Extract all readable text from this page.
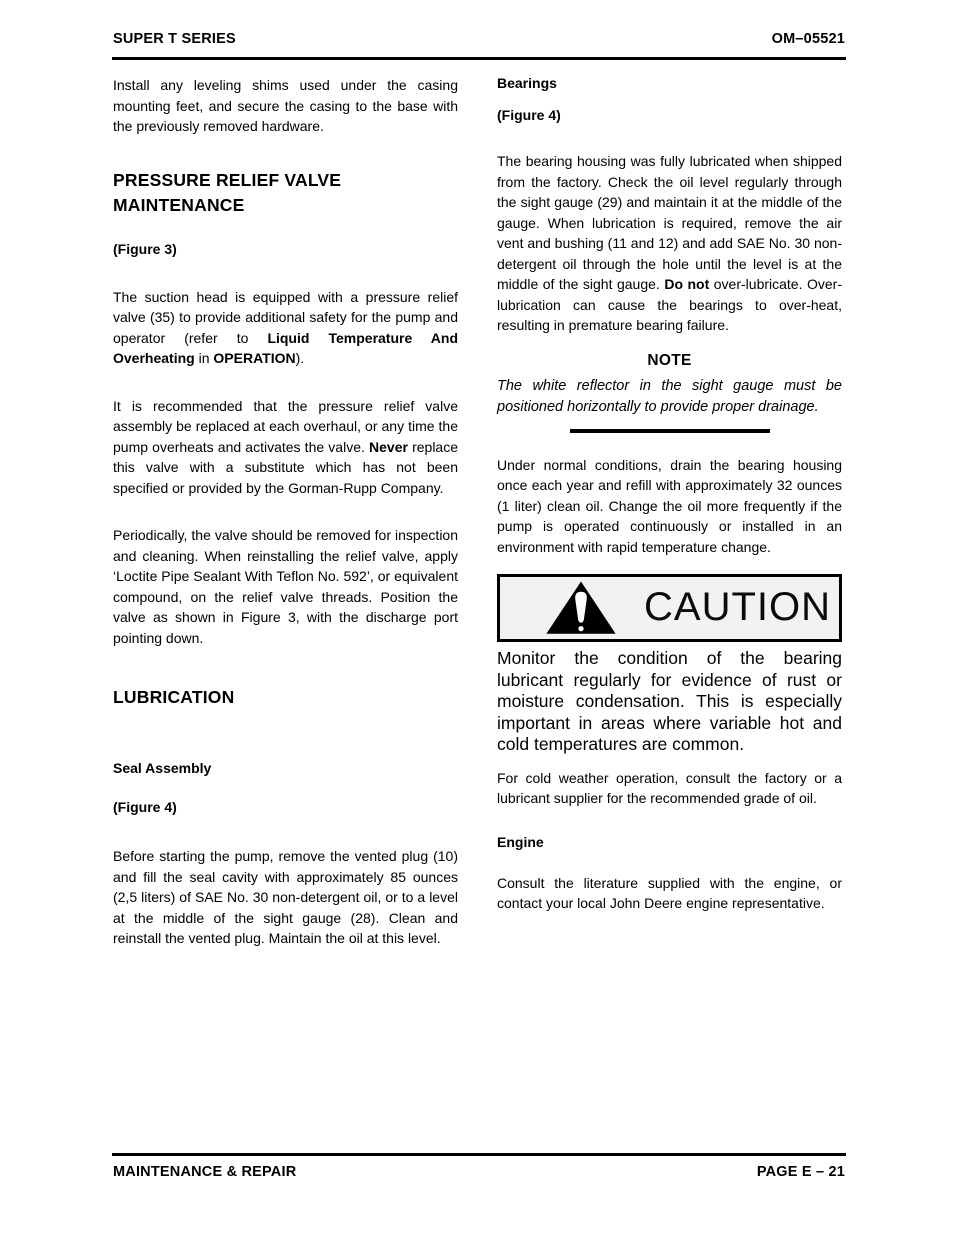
SUPER T SERIES	OM–05521

Install any leveling shims used under the casing mounting feet, and secure the casing to the base with the previously removed hardware.

PRESSURE RELIEF VALVE MAINTENANCE
(Figure 3)

The suction head is equipped with a pressure relief valve (35) to provide additional safety for the pump and operator (refer to Liquid Temperature And Overheating in OPERATION).

It is recommended that the pressure relief valve assembly be replaced at each overhaul, or any time the pump overheats and activates the valve. Never replace this valve with a substitute which has not been specified or provided by the Gorman-Rupp Company.

Periodically, the valve should be removed for inspection and cleaning. When reinstalling the relief valve, apply ‘Loctite Pipe Sealant With Teflon No. 592’, or equivalent compound, on the relief valve threads. Position the valve as shown in Figure 3, with the discharge port pointing down.

LUBRICATION
Seal Assembly
(Figure 4)

Before starting the pump, remove the vented plug (10) and fill the seal cavity with approximately 85 ounces (2,5 liters) of SAE No. 30 non-detergent oil, or to a level at the middle of the sight gauge (28). Clean and reinstall the vented plug. Maintain the oil at this level.

Bearings
(Figure 4)

The bearing housing was fully lubricated when shipped from the factory. Check the oil level regularly through the sight gauge (29) and maintain it at the middle of the gauge. When lubrication is required, remove the air vent and bushing (11 and 12) and add SAE No. 30 non-detergent oil through the hole until the level is at the middle of the sight gauge. Do not over-lubricate. Over-lubrication can cause the bearings to over-heat, resulting in premature bearing failure.

NOTE

The white reflector in the sight gauge must be positioned horizontally to provide proper drainage.

Under normal conditions, drain the bearing housing once each year and refill with approximately 32 ounces (1 liter) clean oil. Change the oil more frequently if the pump is operated continuously or installed in an environment with rapid temperature change.

CAUTION

Monitor the condition of the bearing lubricant regularly for evidence of rust or moisture condensation. This is especially important in areas where variable hot and cold temperatures are common.

For cold weather operation, consult the factory or a lubricant supplier for the recommended grade of oil.

Engine

Consult the literature supplied with the engine, or contact your local John Deere engine representative.

MAINTENANCE & REPAIR	PAGE E – 21
